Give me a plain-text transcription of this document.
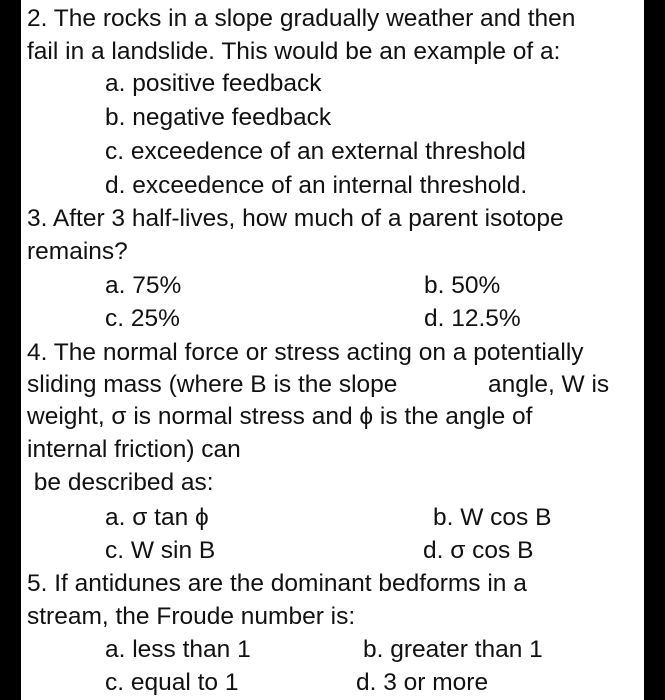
2. The rocks in a slope gradually weather and then
fail in a landslide. This would be an example of a:
a. positive feedback
b. negative feedback
c. exceedence of an external threshold
d. exceedence of an internal threshold.
3. After 3 half-lives, how much of a parent isotope
remains?
a. 75%	b. 50%
c. 25%	d. 12.5%
4. The normal force or stress acting on a potentially
sliding mass (where B is the slope	angle, W is
weight, σ is normal stress and ϕ is the angle of
internal friction) can
be described as:
a. σ tan ϕ	b. W cos B
c. W sin B	d. σ cos B
5. If antidunes are the dominant bedforms in a
stream, the Froude number is:
a. less than 1	b. greater than 1
c. equal to 1	d. 3 or more
